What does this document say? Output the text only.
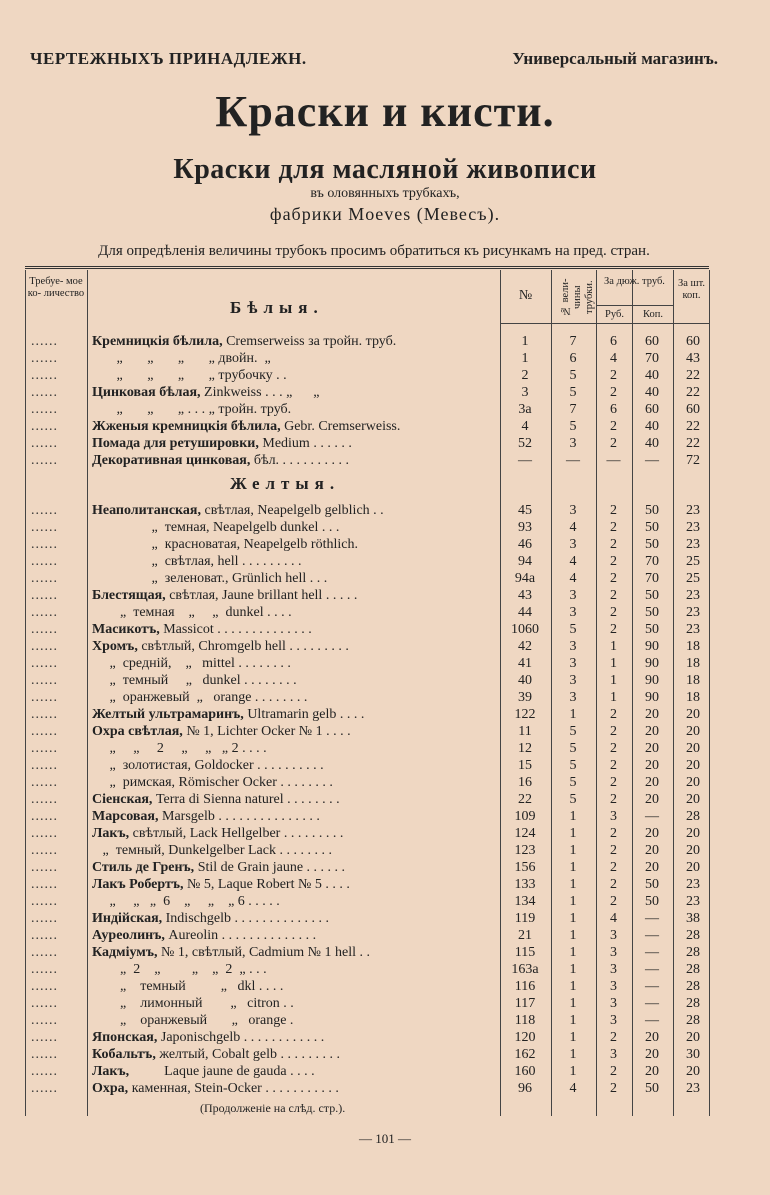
ЧЕРТЕЖНЫХЪ ПРИНАДЛЕЖН.	Универсальный магазинъ.
Краски и кисти.
Краски для масляной живописи
въ оловянныхъ трубкахъ,
фабрики Moeves (Мевесъ).
Для опредѣленія величины трубокъ просимъ обратиться къ рисункамъ на пред. стран.
Требуе- мое ко- личество	№	№ вели- чины трубки. За дюж. труб.
Руб.	Коп.
За шт. коп.
Бѣлыя.
......	Кремницкія бѣлила, Cremserweiss за тройн. труб.	1	7	6	60	60
......	„       „       „       „ двойн.  „	1	6	4	70	43
......	„       „       „       „ трубочку . .	2	5	2	40	22
......	Цинковая бѣлая, Zinkweiss . . . „      „	3	5	2	40	22
......	„       „       „ . . . „ тройн. труб.	3a	7	6	60	60
......	Жженыя кремницкія бѣлила, Gebr. Cremserweiss.	4	5	2	40	22
......	Помада для ретушировки, Medium . . . . . .	52	3	2	40	22
......	Декоративная цинковая, бѣл. . . . . . . . . . .	—	—	—	—	72
Желтыя.
......	Неаполитанская, свѣтлая, Neapelgelb gelblich . .	45	3	2	50	23
......	„  темная, Neapelgelb dunkel . . .	93	4	2	50	23
......	„  красноватая, Neapelgelb röthlich.	46	3	2	50	23
......	„  свѣтлая, hell . . . . . . . . .	94	4	2	70	25
......	„  зеленоват., Grünlich hell . . .	94a	4	2	70	25
......	Блестящая, свѣтлая, Jaune brillant hell . . . . .	43	3	2	50	23
......	„  темная    „     „  dunkel . . . .	44	3	2	50	23
......	Масикотъ, Massicot . . . . . . . . . . . . . .	1060	5	2	50	23
......	Хромъ, свѣтлый, Chromgelb hell . . . . . . . . .	42	3	1	90	18
......	„  средній,    „   mittel . . . . . . . .	41	3	1	90	18
......	„  темный     „   dunkel . . . . . . . .	40	3	1	90	18
......	„  оранжевый  „   orange . . . . . . . .	39	3	1	90	18
......	Желтый ультрамаринъ, Ultramarin gelb . . . .	122	1	2	20	20
......	Охра свѣтлая, № 1, Lichter Ocker № 1 . . . .	11	5	2	20	20
......	„     „     2     „     „   „ 2 . . . .	12	5	2	20	20
......	„  золотистая, Goldocker . . . . . . . . . .	15	5	2	20	20
......	„  римская, Römischer Ocker . . . . . . . .	16	5	2	20	20
......	Сіенская, Terra di Sienna naturel . . . . . . . .	22	5	2	20	20
......	Марсовая, Marsgelb . . . . . . . . . . . . . . .	109	1	3	—	28
......	Лакъ, свѣтлый, Lack Hellgelber . . . . . . . . .	124	1	2	20	20
......	„  темный, Dunkelgelber Lack . . . . . . . .	123	1	2	20	20
......	Стиль де Гренъ, Stil de Grain jaune . . . . . .	156	1	2	20	20
......	Лакъ Робертъ, № 5, Laque Robert № 5 . . . .	133	1	2	50	23
......	„     „   „  6    „     „    „ 6 . . . . .	134	1	2	50	23
......	Индійская, Indischgelb . . . . . . . . . . . . . .	119	1	4	—	38
......	Ауреолинъ, Aureolin . . . . . . . . . . . . . .	21	1	3	—	28
......	Кадміумъ, № 1, свѣтлый, Cadmium № 1 hell . .	115	1	3	—	28
......	„  2    „         „    „  2  „ . . .	163a	1	3	—	28
......	„    темный          „   dkl . . . .	116	1	3	—	28
......	„    лимонный        „   citron . .	117	1	3	—	28
......	„    оранжевый       „   orange .	118	1	3	—	28
......	Японская, Japonischgelb . . . . . . . . . . . .	120	1	2	20	20
......	Кобальтъ, желтый, Cobalt gelb . . . . . . . . .	162	1	3	20	30
......	Лакъ,          Laque jaune de gauda . . . .	160	1	2	20	20
......	Охра, каменная, Stein-Ocker . . . . . . . . . . .	96	4	2	50	23
(Продолженіе на слѣд. стр.).
— 101 —
